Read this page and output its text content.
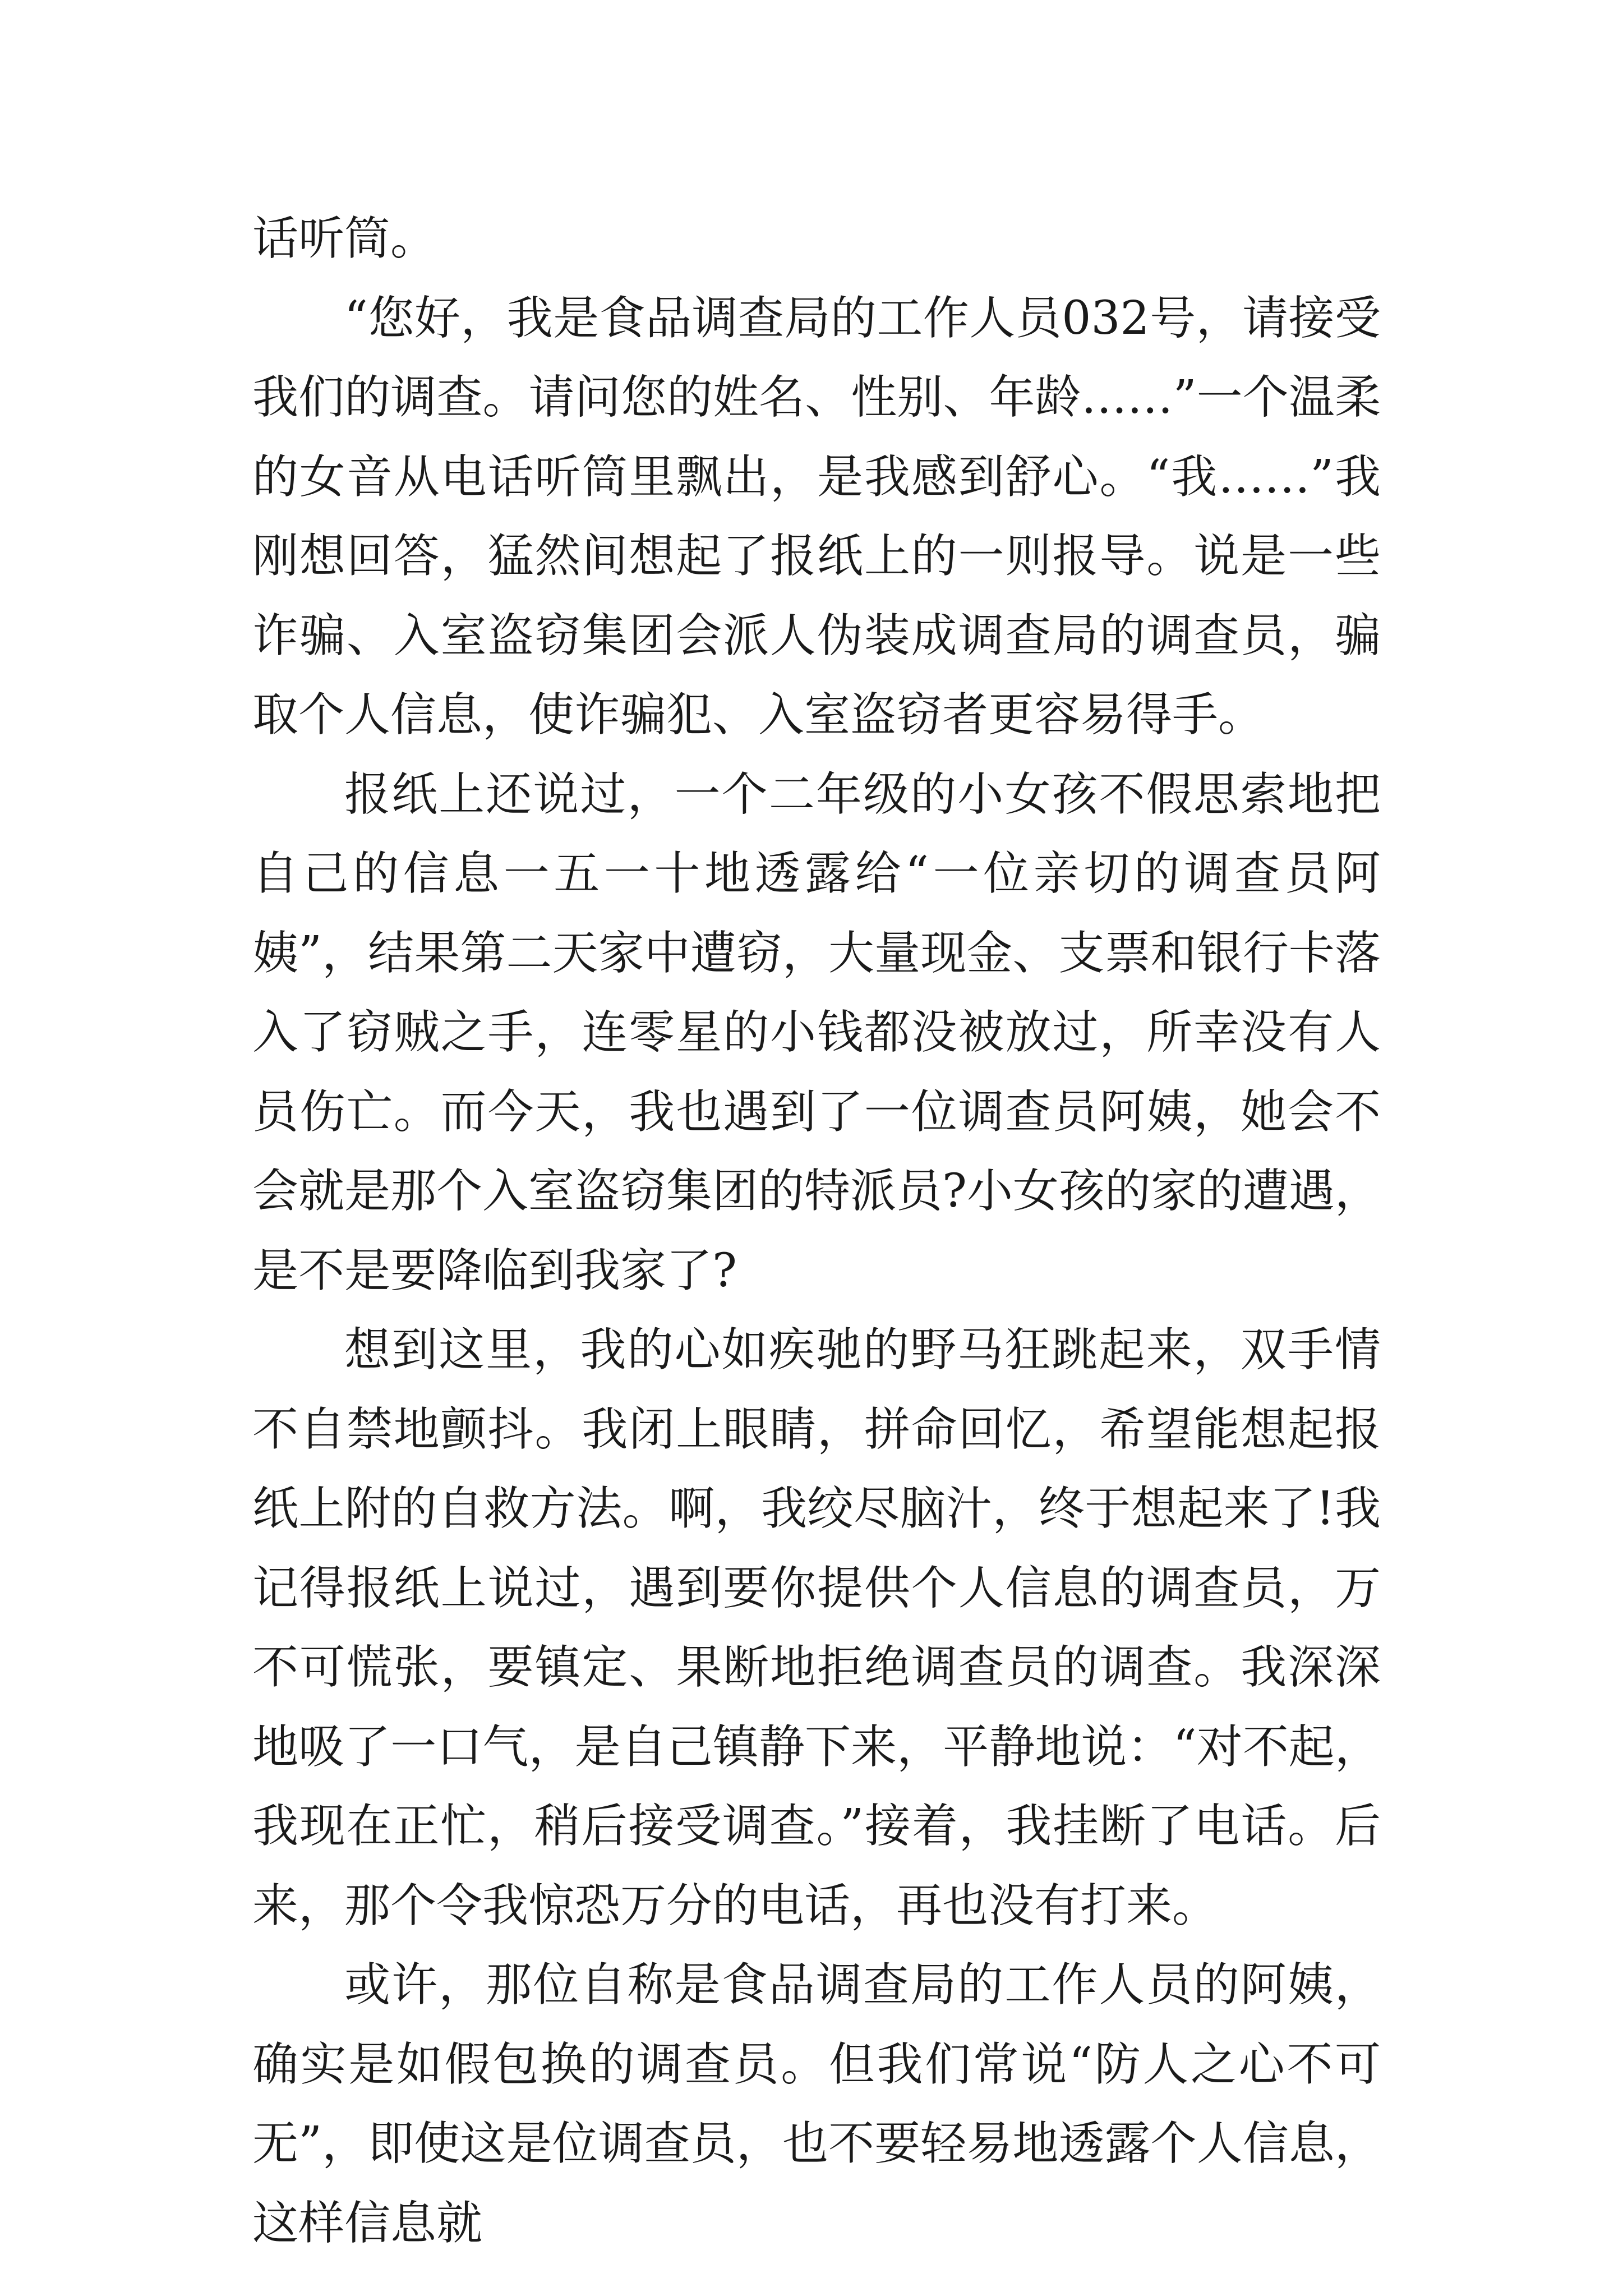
话听筒。

“您好，我是食品调查局的工作人员032号，请接受我们的调查。请问您的姓名、性别、年龄……”一个温柔的女音从电话听筒里飘出，是我感到舒心。“我……”我刚想回答，猛然间想起了报纸上的一则报导。说是一些诈骗、入室盗窃集团会派人伪装成调查局的调查员，骗取个人信息，使诈骗犯、入室盗窃者更容易得手。

报纸上还说过，一个二年级的小女孩不假思索地把自己的信息一五一十地透露给“一位亲切的调查员阿姨”，结果第二天家中遭窃，大量现金、支票和银行卡落入了窃贼之手，连零星的小钱都没被放过，所幸没有人员伤亡。而今天，我也遇到了一位调查员阿姨，她会不会就是那个入室盗窃集团的特派员?小女孩的家的遭遇，是不是要降临到我家了?

想到这里，我的心如疾驰的野马狂跳起来，双手情不自禁地颤抖。我闭上眼睛，拼命回忆，希望能想起报纸上附的自救方法。啊，我绞尽脑汁，终于想起来了!我记得报纸上说过，遇到要你提供个人信息的调查员，万不可慌张，要镇定、果断地拒绝调查员的调查。我深深地吸了一口气，是自己镇静下来，平静地说：“对不起，我现在正忙，稍后接受调查。”接着，我挂断了电话。后来，那个令我惊恐万分的电话，再也没有打来。

或许，那位自称是食品调查局的工作人员的阿姨，确实是如假包换的调查员。但我们常说“防人之心不可无”，即使这是位调查员，也不要轻易地透露个人信息，这样信息就
